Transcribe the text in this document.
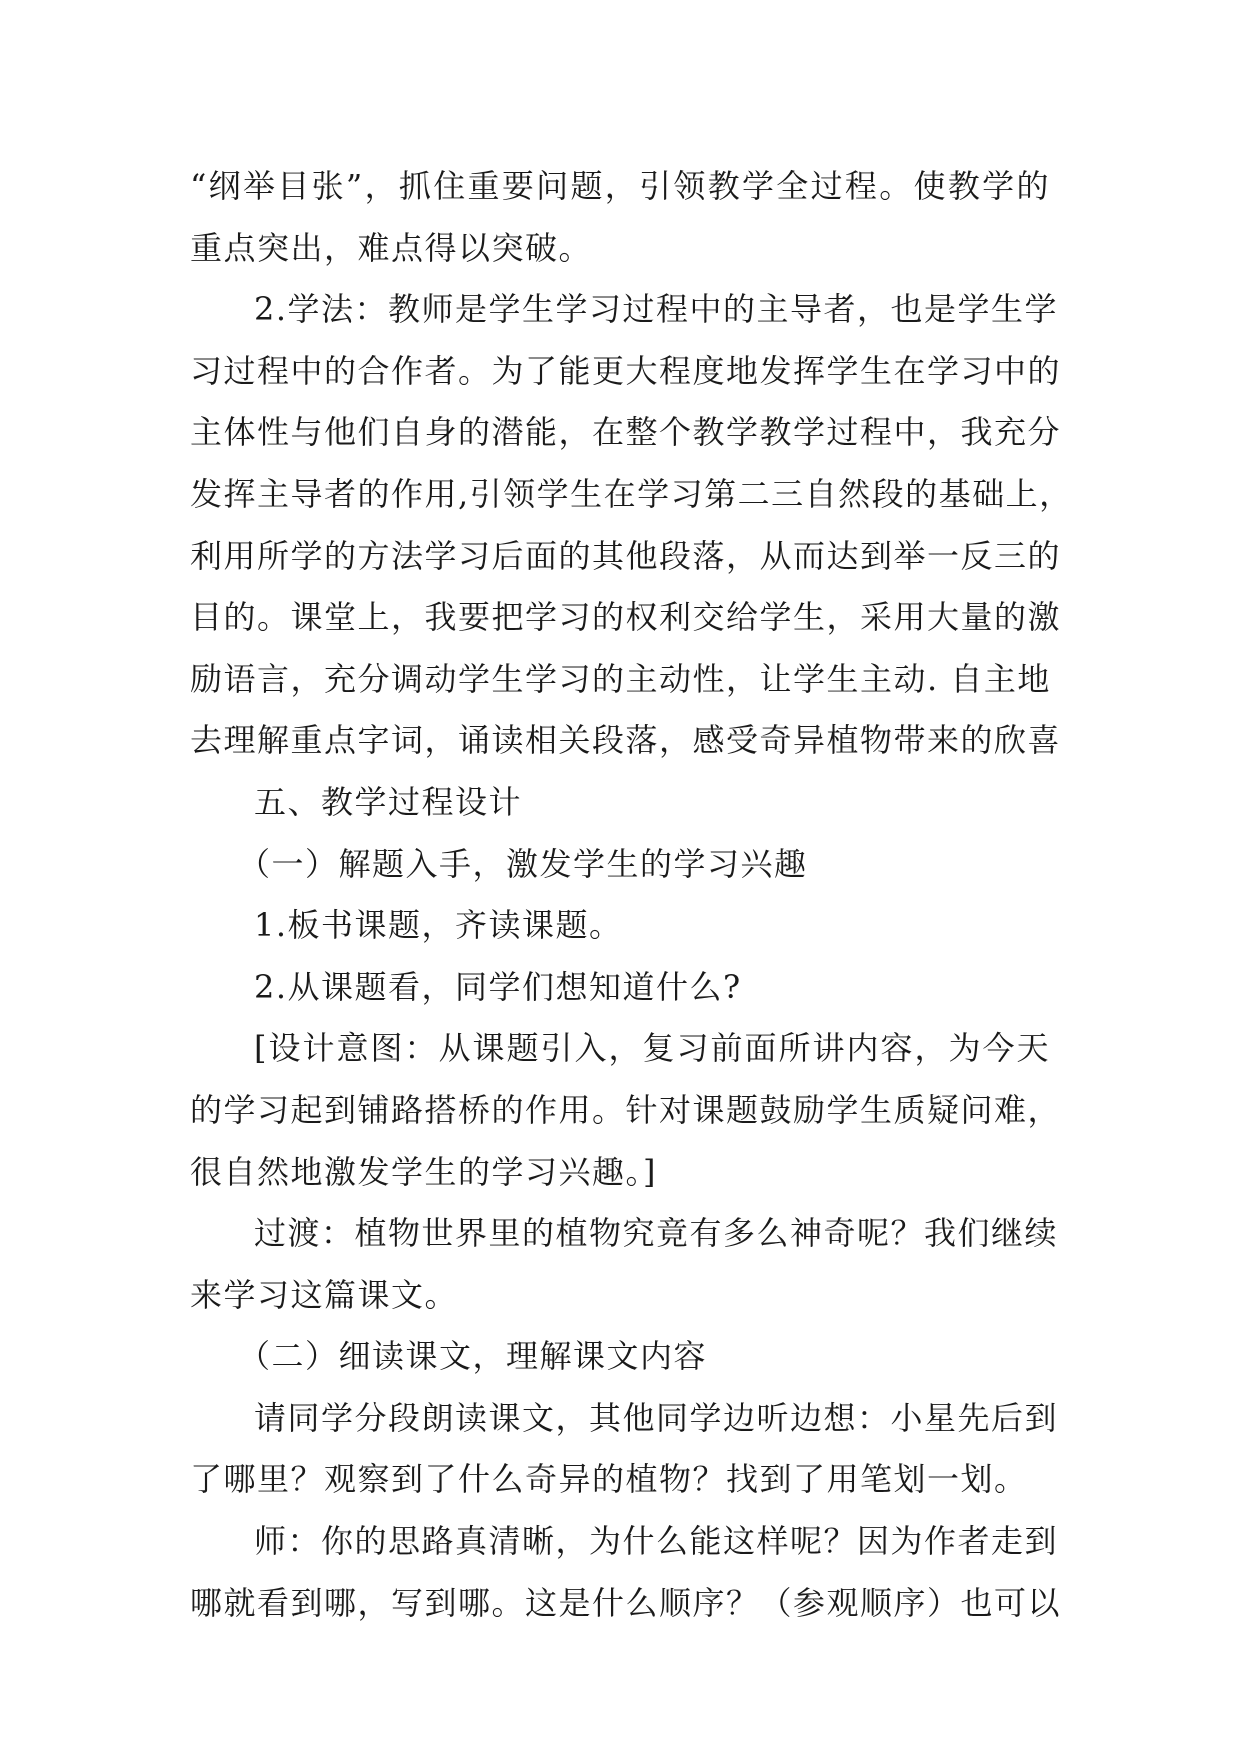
“纲举目张”，抓住重要问题，引领教学全过程。使教学的
重点突出，难点得以突破。
2.学法：教师是学生学习过程中的主导者，也是学生学
习过程中的合作者。为了能更大程度地发挥学生在学习中的
主体性与他们自身的潜能，在整个教学教学过程中，我充分
发挥主导者的作用,引领学生在学习第二三自然段的基础上，
利用所学的方法学习后面的其他段落，从而达到举一反三的
目的。课堂上，我要把学习的权利交给学生，采用大量的激
励语言，充分调动学生学习的主动性，让学生主动. 自主地
去理解重点字词，诵读相关段落，感受奇异植物带来的欣喜
五、教学过程设计
（一）解题入手，激发学生的学习兴趣
1.板书课题，齐读课题。
2.从课题看，同学们想知道什么?
[设计意图：从课题引入，复习前面所讲内容，为今天
的学习起到铺路搭桥的作用。针对课题鼓励学生质疑问难，
很自然地激发学生的学习兴趣。]
过渡：植物世界里的植物究竟有多么神奇呢？我们继续
来学习这篇课文。
（二）细读课文，理解课文内容
请同学分段朗读课文，其他同学边听边想：小星先后到
了哪里？观察到了什么奇异的植物？找到了用笔划一划。
师：你的思路真清晰，为什么能这样呢？因为作者走到
哪就看到哪，写到哪。这是什么顺序？（参观顺序）也可以
